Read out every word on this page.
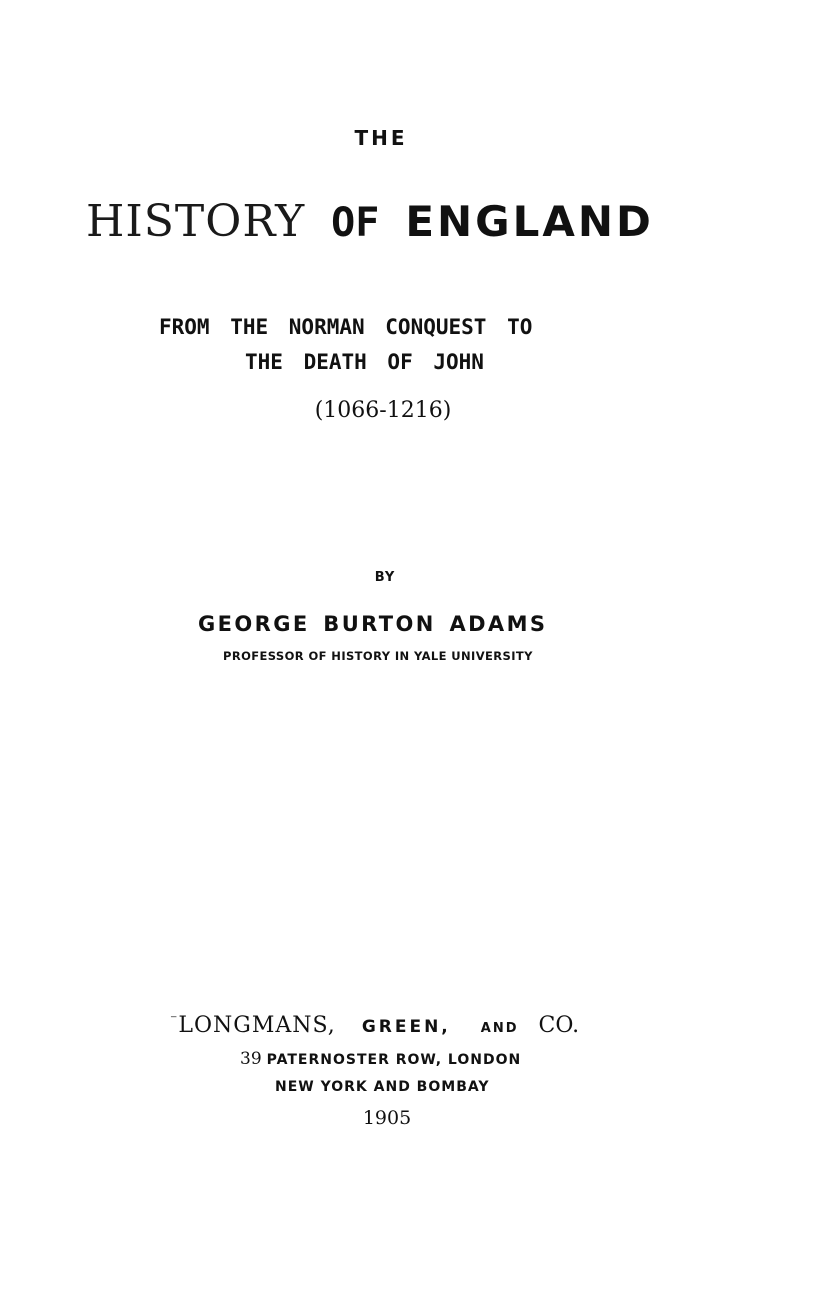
THE
HISTORY OF ENGLAND
FROM THE NORMAN CONQUEST TO
THE DEATH OF JOHN
(1066-1216)
BY
GEORGE BURTON ADAMS
PROFESSOR OF HISTORY IN YALE UNIVERSITY
⁻ LONGMANS, GREEN, AND CO.
39 PATERNOSTER ROW, LONDON
NEW YORK AND BOMBAY
1905
